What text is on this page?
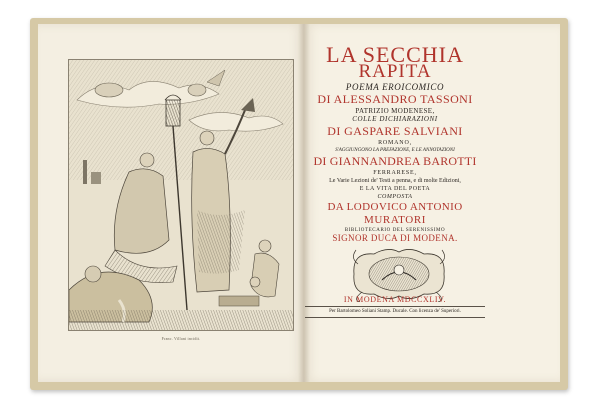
Franc. Villani incidit.
LA SECCHIA
RAPITA
POEMA EROICOMICO
DI ALESSANDRO TASSONI
PATRIZIO MODENESE,
COLLE DICHIARAZIONI
DI GASPARE SALVIANI
ROMANO,
S'AGGIUNGONO LA PREFAZIONE, E LE ANNOTAZIONI
DI GIANNANDREA BAROTTI
FERRARESE,
Le Varie Lezioni de' Testi a penna, e di molte Edizioni,
E LA VITA DEL POETA
COMPOSTA
DA LODOVICO ANTONIO
MURATORI
BIBLIOTECARIO DEL SERENISSIMO
SIGNOR DUCA DI MODENA.
IN MODENA MDCCXLIV.
Per Bartolomeo Soliani Stamp. Ducale. Con licenza de' Superiori.
